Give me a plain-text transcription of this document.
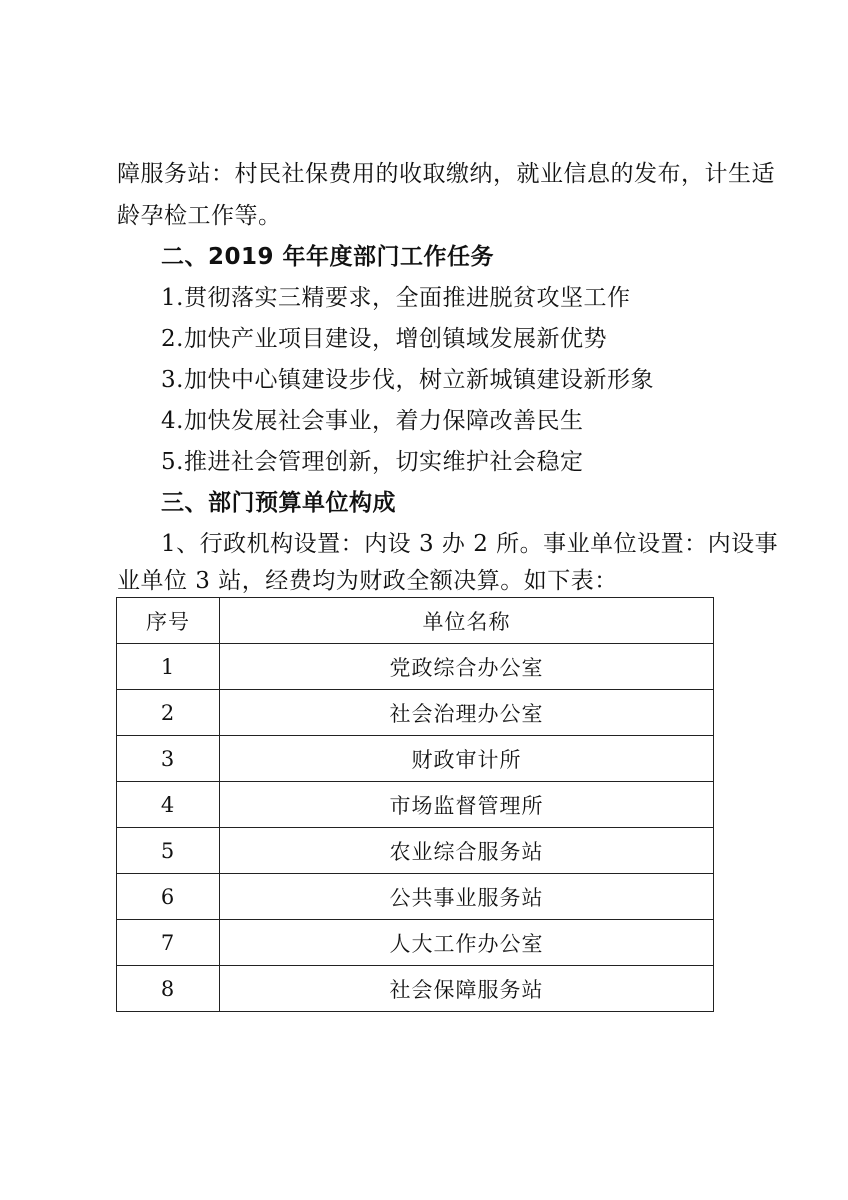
障服务站：村民社保费用的收取缴纳，就业信息的发布，计生适
龄孕检工作等。
二、2019 年年度部门工作任务
1.贯彻落实三精要求，全面推进脱贫攻坚工作
2.加快产业项目建设，增创镇域发展新优势
3.加快中心镇建设步伐，树立新城镇建设新形象
4.加快发展社会事业，着力保障改善民生
5.推进社会管理创新，切实维护社会稳定
三、部门预算单位构成
1、行政机构设置：内设 3 办 2 所。事业单位设置：内设事
业单位 3 站，经费均为财政全额决算。如下表：
序号	单位名称
1	党政综合办公室
2	社会治理办公室
3	财政审计所
4	市场监督管理所
5	农业综合服务站
6	公共事业服务站
7	人大工作办公室
8	社会保障服务站
